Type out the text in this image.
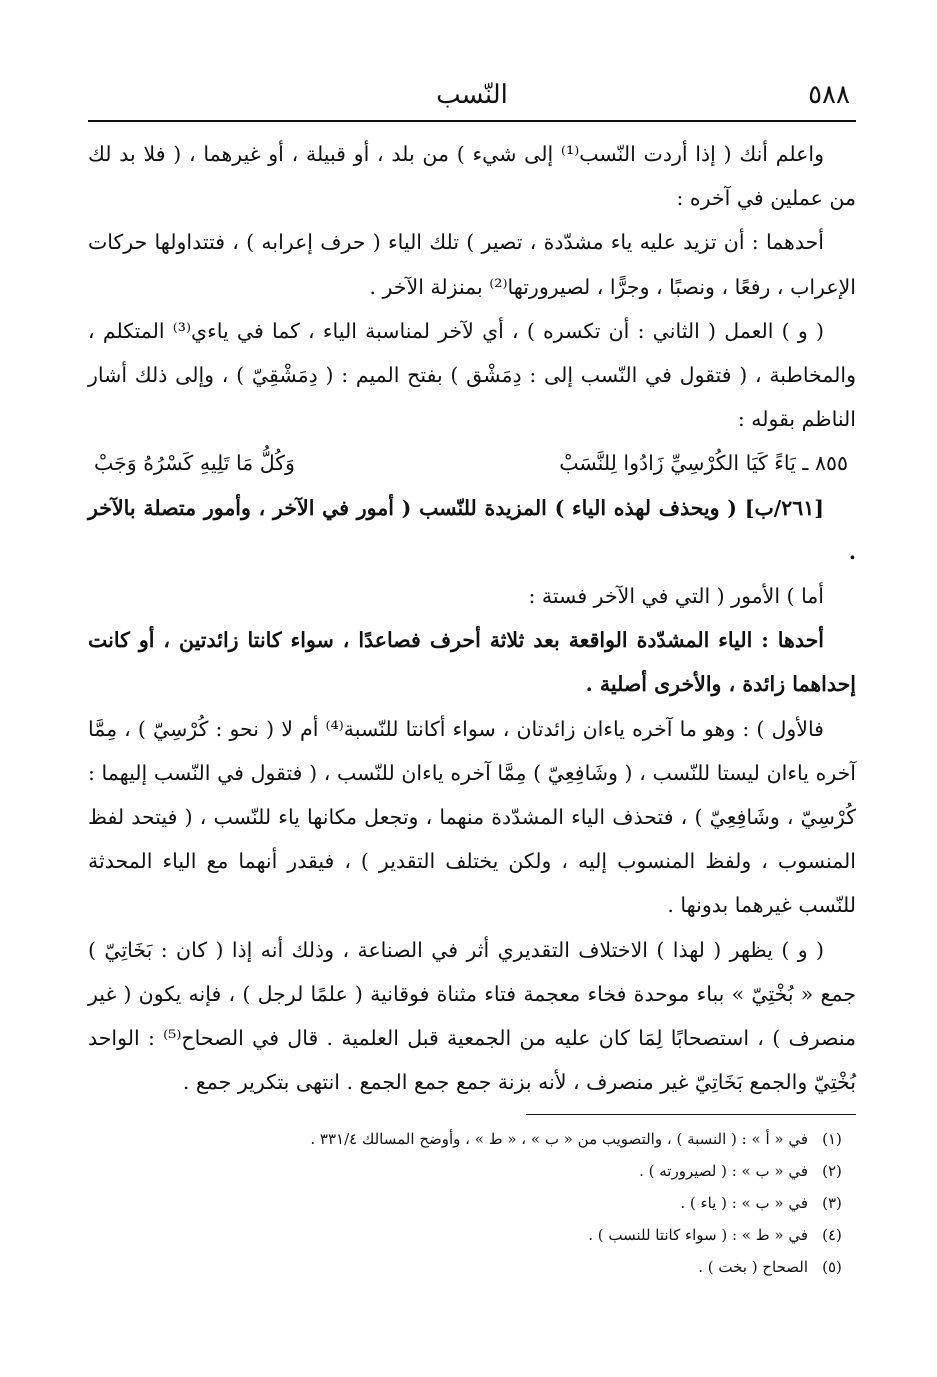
٥٨٨
النّسب

واعلم أنك ( إذا أردت النّسب⁽¹⁾ إلى شيء ) من بلد ، أو قبيلة ، أو غيرهما ، ( فلا بد لك من عملين في آخره :

أحدهما : أن تزيد عليه ياء مشدّدة ، تصير ) تلك الياء ( حرف إعرابه ) ، فتتداولها حركات الإعراب ، رفعًا ، ونصبًا ، وجرًّا ، لصيرورتها⁽²⁾ بمنزلة الآخر .

( و ) العمل ( الثاني : أن تكسره ) ، أي لآخر لمناسبة الياء ، كما في ياءي⁽³⁾ المتكلم ، والمخاطبة ، ( فتقول في النّسب إلى : دِمَشْق ) بفتح الميم : ( دِمَشْقِيّ ) ، وإلى ذلك أشار الناظم بقوله :

٨٥٥ ـ يَاءً كَيَا الكُرْسِيِّ زَادُوا لِلنَّسَبْ
وَكُلُّ مَا تَلِيهِ كَسْرُهُ وَجَبْ

[٢٦١/ب] ( ويحذف لهذه الياء ) المزيدة للنّسب ( أمور في الآخر ، وأمور متصلة بالآخر .

أما ) الأمور ( التي في الآخر فستة :

أحدها : الياء المشدّدة الواقعة بعد ثلاثة أحرف فصاعدًا ، سواء كانتا زائدتين ، أو كانت إحداهما زائدة ، والأخرى أصلية .

فالأول ) : وهو ما آخره ياءان زائدتان ، سواء أكانتا للنّسبة⁽⁴⁾ أم لا ( نحو : كُرْسِيّ ) ، مِمَّا آخره ياءان ليستا للنّسب ، ( وشَافِعِيّ ) مِمَّا آخره ياءان للنّسب ، ( فتقول في النّسب إليهما : كُرْسِيّ ، وشَافِعِيّ ) ، فتحذف الياء المشدّدة منهما ، وتجعل مكانها ياء للنّسب ، ( فيتحد لفظ المنسوب ، ولفظ المنسوب إليه ، ولكن يختلف التقدير ) ، فيقدر أنهما مع الياء المحدثة للنّسب غيرهما بدونها .

( و ) يظهر ( لهذا ) الاختلاف التقديري أثر في الصناعة ، وذلك أنه إذا ( كان : بَخَاتِيّ ) جمع « بُخْتِيّ » بباء موحدة فخاء معجمة فتاء مثناة فوقانية ( علمًا لرجل ) ، فإنه يكون ( غير منصرف ) ، استصحابًا لِمَا كان عليه من الجمعية قبل العلمية . قال في الصحاح⁽⁵⁾ : الواحد بُخْتِيّ والجمع بَخَاتِيّ غير منصرف ، لأنه بزنة جمع جمع الجمع . انتهى بتكرير جمع .

(١)
في « أ » : ( النسبة ) ، والتصويب من « ب » ، « ط » ، وأوضح المسالك ٣٣١/٤ .
(٢)
في « ب » : ( لصيرورته ) .
(٣)
في « ب » : ( ياء ) .
(٤)
في « ط » : ( سواء كانتا للنسب ) .
(٥)
الصحاح ( بخت ) .
